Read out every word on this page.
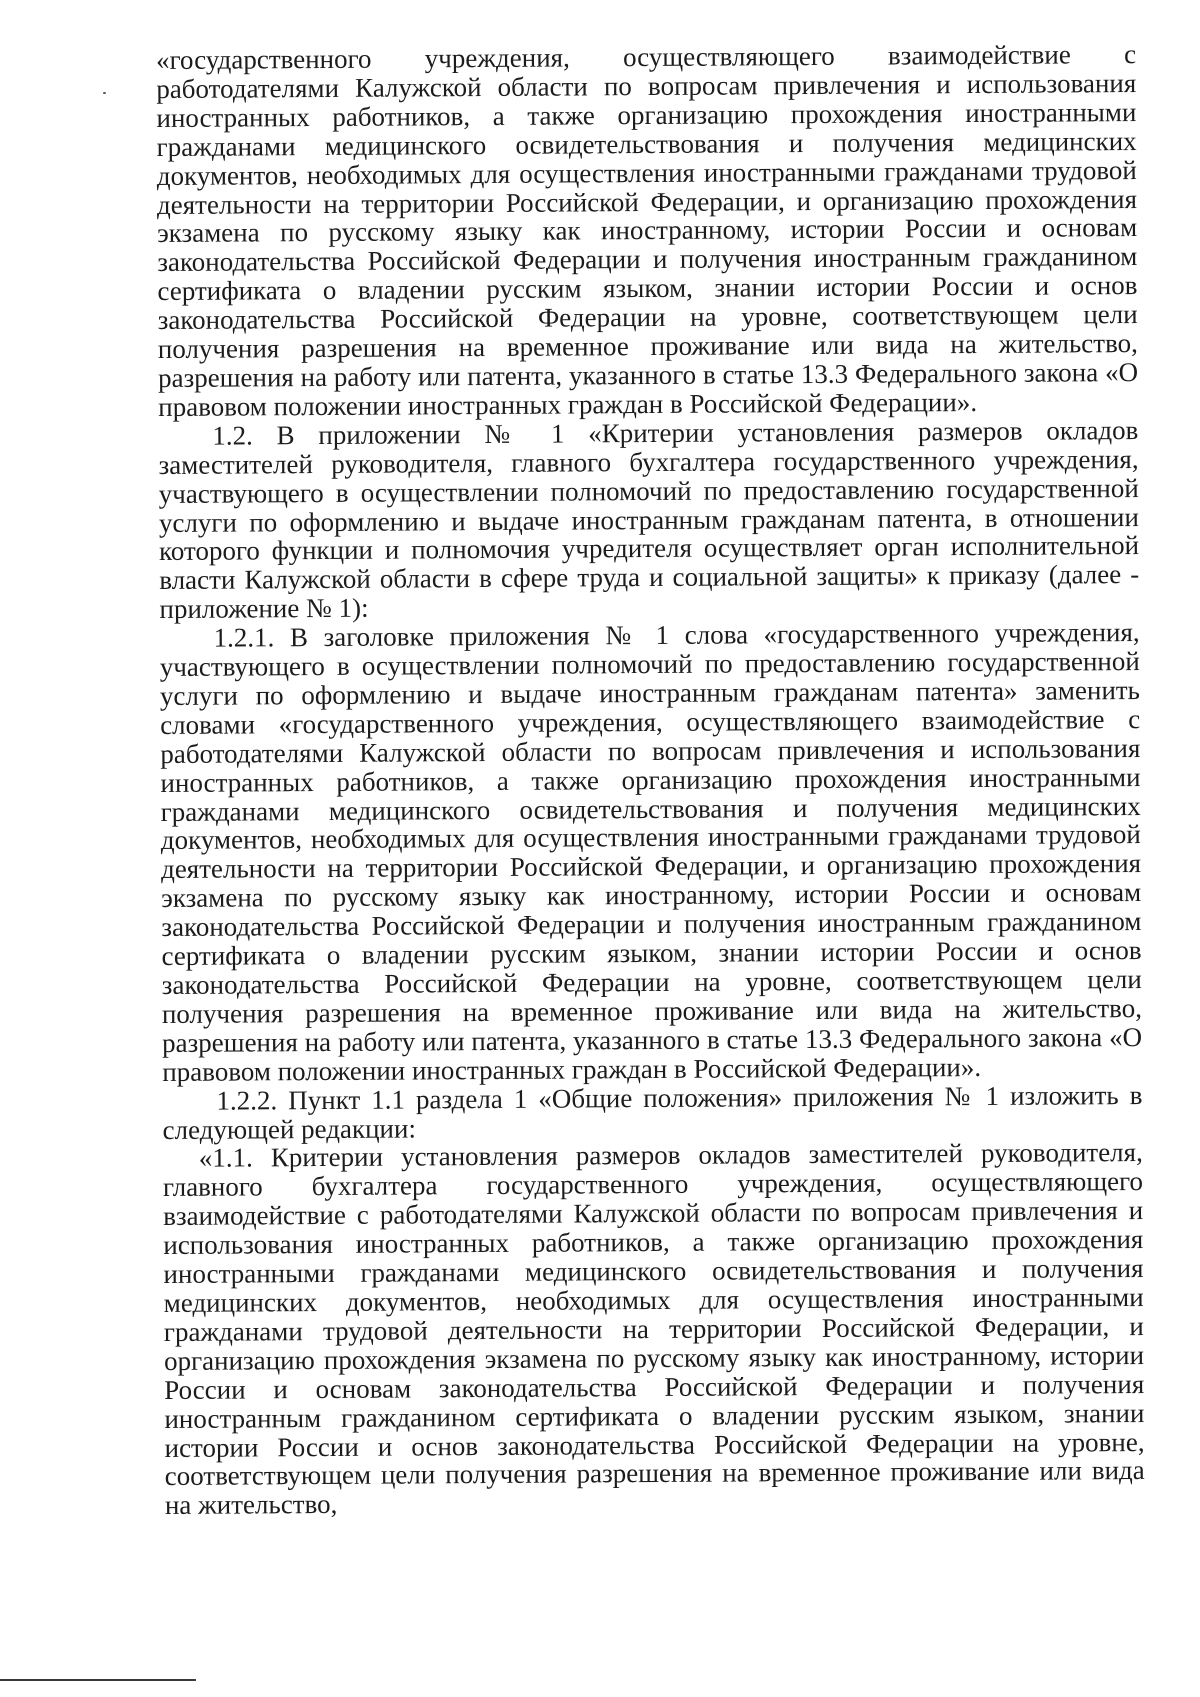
«государственного учреждения, осуществляющего взаимодействие с работодателями Калужской области по вопросам привлечения и использования иностранных работников, а также организацию прохождения иностранными гражданами медицинского освидетельствования и получения медицинских документов, необходимых для осуществления иностранными гражданами трудовой деятельности на территории Российской Федерации, и организацию прохождения экзамена по русскому языку как иностранному, истории России и основам законодательства Российской Федерации и получения иностранным гражданином сертификата о владении русским языком, знании истории России и основ законодательства Российской Федерации на уровне, соответствующем цели получения разрешения на временное проживание или вида на жительство, разрешения на работу или патента, указанного в статье 13.3 Федерального закона «О правовом положении иностранных граждан в Российской Федерации».

1.2. В приложении № 1 «Критерии установления размеров окладов заместителей руководителя, главного бухгалтера государственного учреждения, участвующего в осуществлении полномочий по предоставлению государственной услуги по оформлению и выдаче иностранным гражданам патента, в отношении которого функции и полномочия учредителя осуществляет орган исполнительной власти Калужской области в сфере труда и социальной защиты» к приказу (далее - приложение № 1):

1.2.1. В заголовке приложения № 1 слова «государственного учреждения, участвующего в осуществлении полномочий по предоставлению государственной услуги по оформлению и выдаче иностранным гражданам патента» заменить словами «государственного учреждения, осуществляющего взаимодействие с работодателями Калужской области по вопросам привлечения и использования иностранных работников, а также организацию прохождения иностранными гражданами медицинского освидетельствования и получения медицинских документов, необходимых для осуществления иностранными гражданами трудовой деятельности на территории Российской Федерации, и организацию прохождения экзамена по русскому языку как иностранному, истории России и основам законодательства Российской Федерации и получения иностранным гражданином сертификата о владении русским языком, знании истории России и основ законодательства Российской Федерации на уровне, соответствующем цели получения разрешения на временное проживание или вида на жительство, разрешения на работу или патента, указанного в статье 13.3 Федерального закона «О правовом положении иностранных граждан в Российской Федерации».

1.2.2. Пункт 1.1 раздела 1 «Общие положения» приложения № 1 изложить в следующей редакции:

«1.1. Критерии установления размеров окладов заместителей руководителя, главного бухгалтера государственного учреждения, осуществляющего взаимодействие с работодателями Калужской области по вопросам привлечения и использования иностранных работников, а также организацию прохождения иностранными гражданами медицинского освидетельствования и получения медицинских документов, необходимых для осуществления иностранными гражданами трудовой деятельности на территории Российской Федерации, и организацию прохождения экзамена по русскому языку как иностранному, истории России и основам законодательства Российской Федерации и получения иностранным гражданином сертификата о владении русским языком, знании истории России и основ законодательства Российской Федерации на уровне, соответствующем цели получения разрешения на временное проживание или вида на жительство,
